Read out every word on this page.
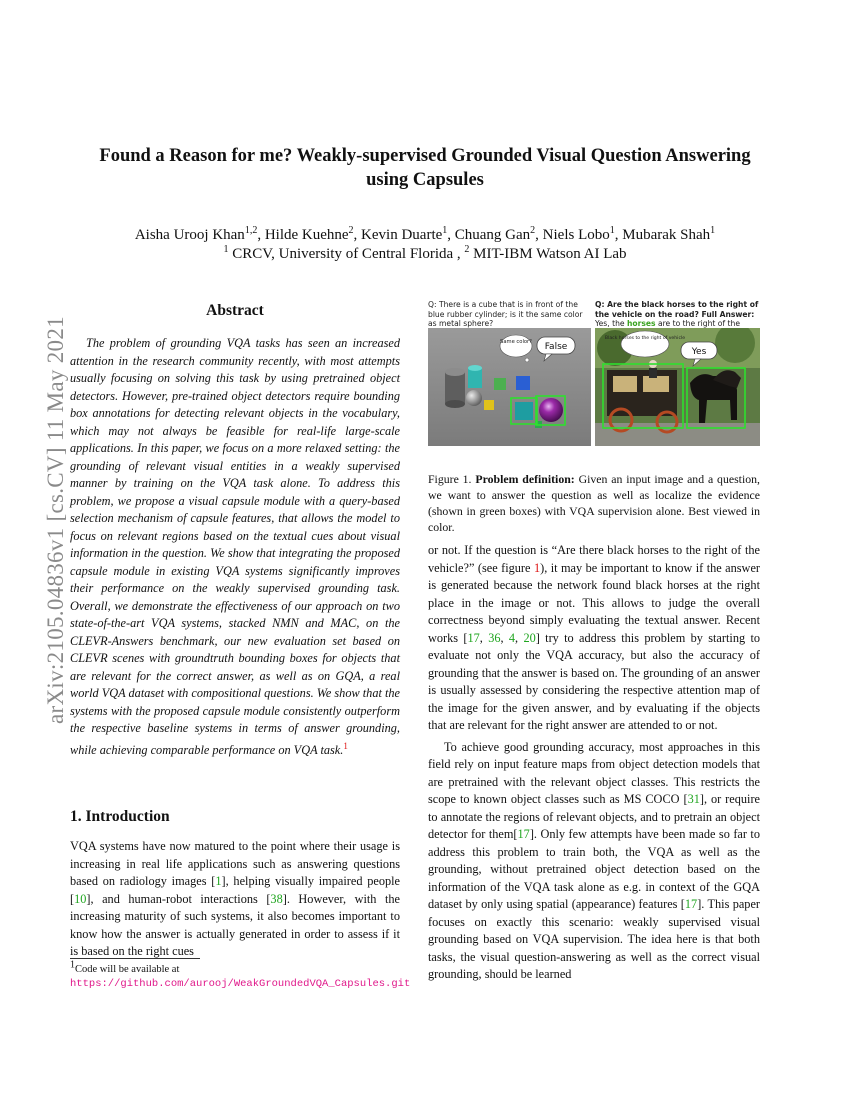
arXiv:2105.04836v1 [cs.CV] 11 May 2021
Found a Reason for me? Weakly-supervised Grounded Visual Question Answering using Capsules
Aisha Urooj Khan$^{1,2}$, Hilde Kuehne$^2$, Kevin Duarte$^1$, Chuang Gan$^2$, Niels Lobo$^1$, Mubarak Shah$^1$
$^1$ CRCV, University of Central Florida , $^2$ MIT-IBM Watson AI Lab
Abstract
The problem of grounding VQA tasks has seen an increased attention in the research community recently, with most attempts usually focusing on solving this task by using pretrained object detectors. However, pre-trained object detectors require bounding box annotations for detecting relevant objects in the vocabulary, which may not always be feasible for real-life large-scale applications. In this paper, we focus on a more relaxed setting: the grounding of relevant visual entities in a weakly supervised manner by training on the VQA task alone. To address this problem, we propose a visual capsule module with a query-based selection mechanism of capsule features, that allows the model to focus on relevant regions based on the textual cues about visual information in the question. We show that integrating the proposed capsule module in existing VQA systems significantly improves their performance on the weakly supervised grounding task. Overall, we demonstrate the effectiveness of our approach on two state-of-the-art VQA systems, stacked NMN and MAC, on the CLEVR-Answers benchmark, our new evaluation set based on CLEVR scenes with groundtruth bounding boxes for objects that are relevant for the correct answer, as well as on GQA, a real world VQA dataset with compositional questions. We show that the systems with the proposed capsule module consistently outperform the respective baseline systems in terms of answer grounding, while achieving comparable performance on VQA task.$^1$
1. Introduction
VQA systems have now matured to the point where their usage is increasing in real life applications such as answering questions based on radiology images [1], helping visually impaired people [10], and human-robot interactions [38]. However, with the increasing maturity of such systems, it also becomes important to know how the answer is actually generated in order to assess if it is based on the right cues
$^1$Code will be available at https://github.com/aurooj/WeakGroundedVQA_Capsules.git
Q: There is a cube that is in front of the blue rubber cylinder; is it the same color as metal sphere?
Q: Are the black horses to the right of the vehicle on the road? Full Answer: Yes, the horses are to the right of the
Same color? False
Black horses to the right of vehicle
Yes
Figure 1. Problem definition: Given an input image and a question, we want to answer the question as well as localize the evidence (shown in green boxes) with VQA supervision alone. Best viewed in color.

or not. If the question is “Are there black horses to the right of the vehicle?” (see figure 1), it may be important to know if the answer is generated because the network found black horses at the right place in the image or not. This allows to judge the overall correctness beyond simply evaluating the textual answer. Recent works [17, 36, 4, 20] try to address this problem by starting to evaluate not only the VQA accuracy, but also the accuracy of grounding that the answer is based on. The grounding of an answer is usually assessed by considering the respective attention map of the image for the given answer, and by evaluating if the objects that are relevant for the right answer are attended to or not.

To achieve good grounding accuracy, most approaches in this field rely on input feature maps from object detection models that are pretrained with the relevant object classes. This restricts the scope to known object classes such as MS COCO [31], or require to annotate the regions of relevant objects, and to pretrain an object detector for them[17]. Only few attempts have been made so far to address this problem to train both, the VQA as well as the grounding, without pretrained object detection based on the information of the VQA task alone as e.g. in context of the GQA dataset by only using spatial (appearance) features [17]. This paper focuses on exactly this scenario: weakly supervised visual grounding based on VQA supervision. The idea here is that both tasks, the visual question-answering as well as the correct visual grounding, should be learned
